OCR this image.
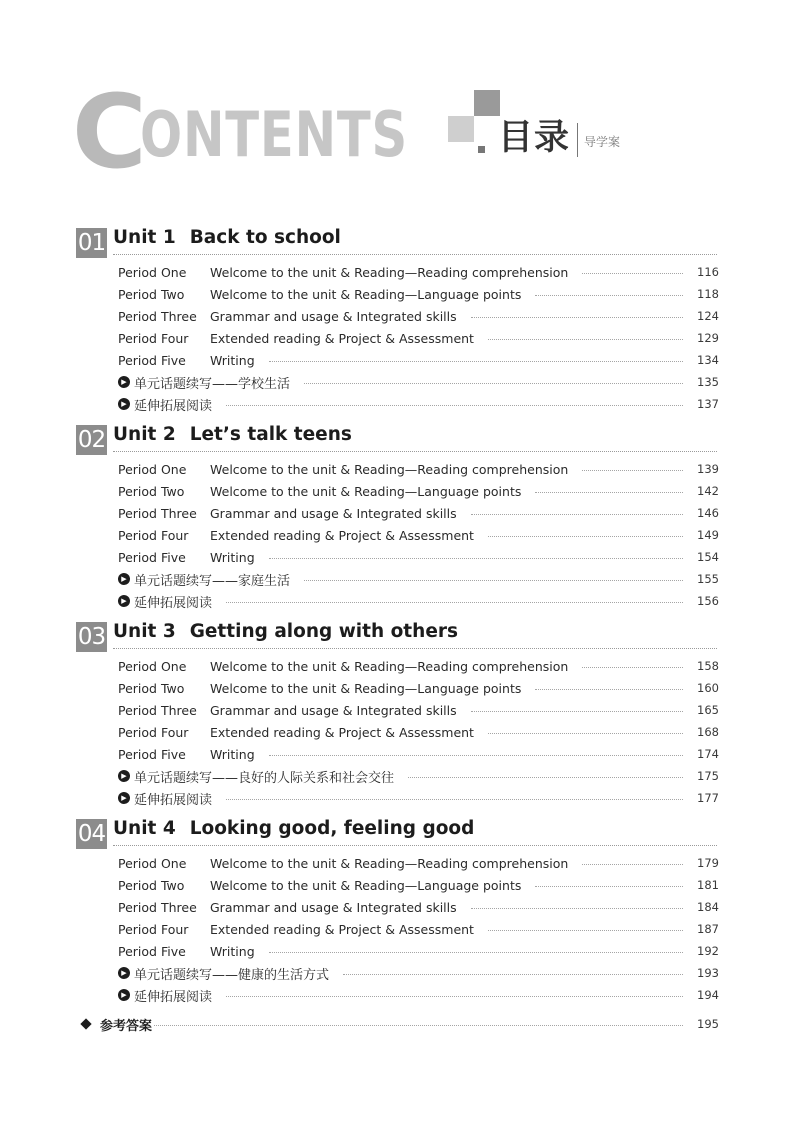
C
ONTENTS	目录 导学案
01 Unit 1 Back to school
Period One	Welcome to the unit & Reading—Reading comprehension	116
Period Two	Welcome to the unit & Reading—Language points	118
Period Three	Grammar and usage & Integrated skills	124
Period Four	Extended reading & Project & Assessment	129
Period Five	Writing	134
▶ 单元话题续写——学校生活	135
▶ 延伸拓展阅读	137
02 Unit 2 Let’s talk teens
Period One	Welcome to the unit & Reading—Reading comprehension	139
Period Two	Welcome to the unit & Reading—Language points	142
Period Three	Grammar and usage & Integrated skills	146
Period Four	Extended reading & Project & Assessment	149
Period Five	Writing	154
▶ 单元话题续写——家庭生活	155
▶ 延伸拓展阅读	156
03 Unit 3 Getting along with others
Period One	Welcome to the unit & Reading—Reading comprehension	158
Period Two	Welcome to the unit & Reading—Language points	160
Period Three	Grammar and usage & Integrated skills	165
Period Four	Extended reading & Project & Assessment	168
Period Five	Writing	174
▶ 单元话题续写——良好的人际关系和社会交往	175
▶ 延伸拓展阅读	177
04 Unit 4 Looking good, feeling good
Period One	Welcome to the unit & Reading—Reading comprehension	179
Period Two	Welcome to the unit & Reading—Language points	181
Period Three	Grammar and usage & Integrated skills	184
Period Four	Extended reading & Project & Assessment	187
Period Five	Writing	192
▶ 单元话题续写——健康的生活方式	193
▶ 延伸拓展阅读	194
参考答案	195
